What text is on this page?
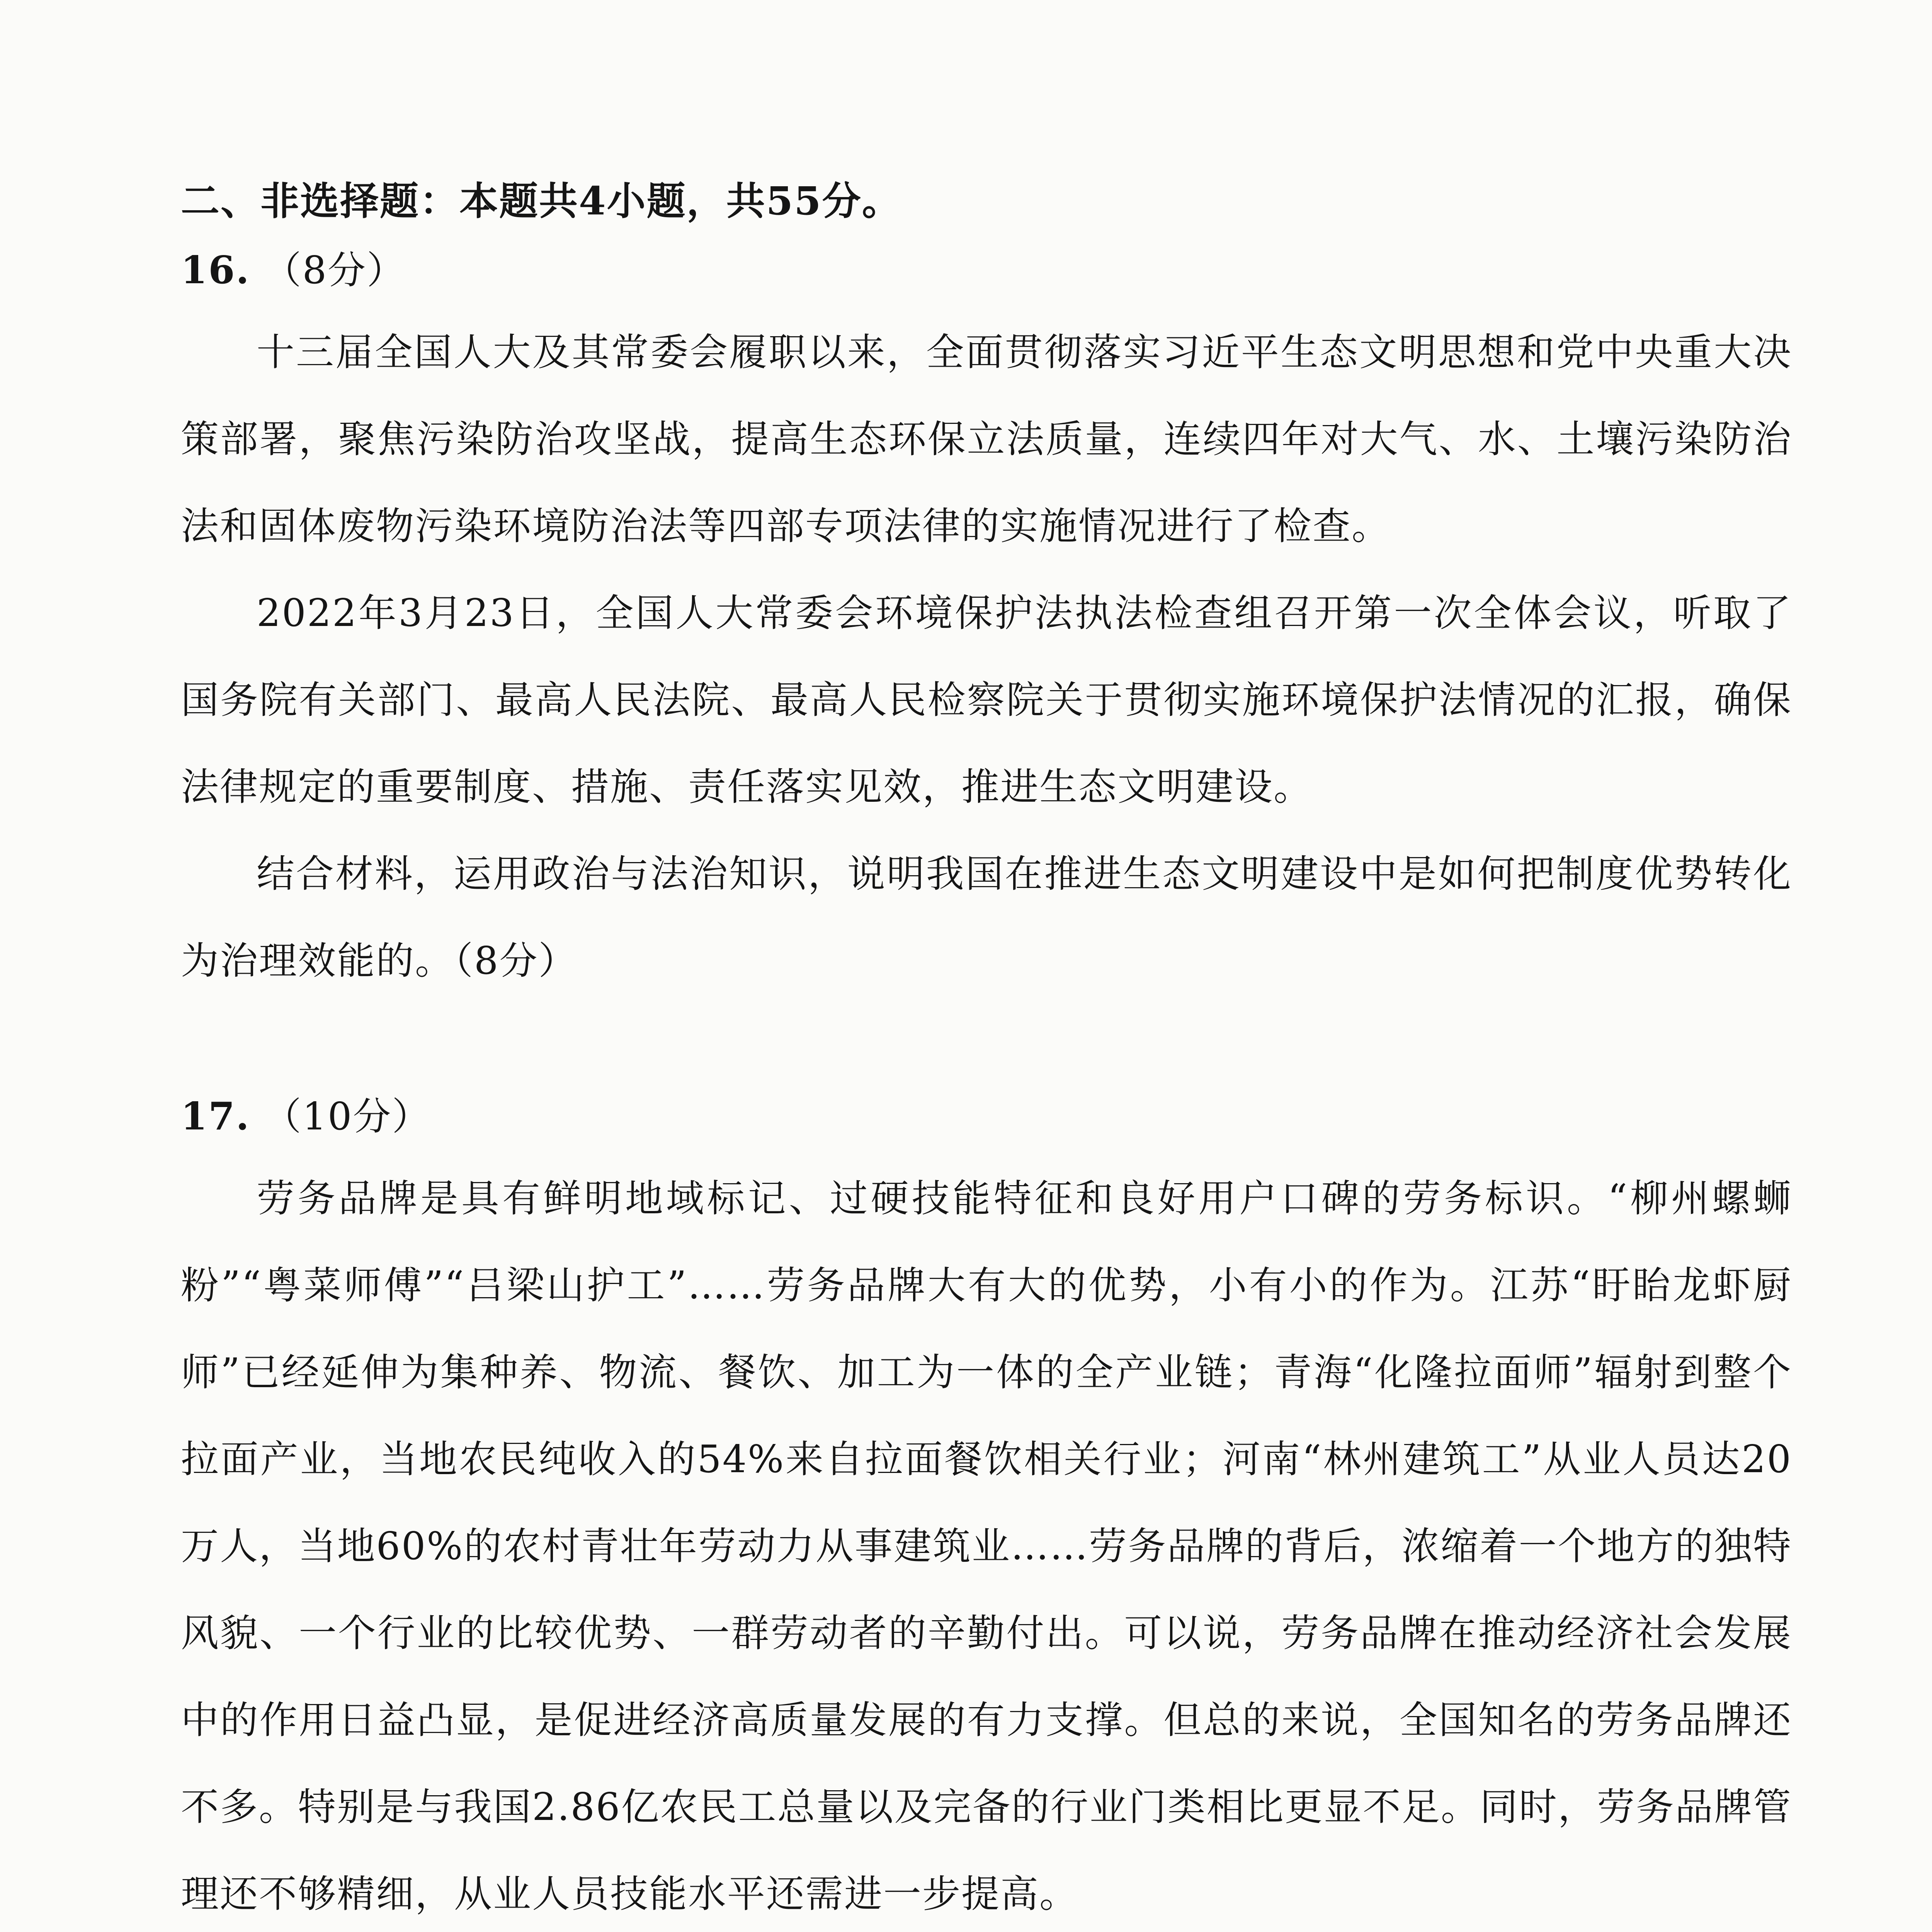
二、非选择题：本题共4小题，共55分。

16. （8分）

十三届全国人大及其常委会履职以来，全面贯彻落实习近平生态文明思想和党中央重大决策部署，聚焦污染防治攻坚战，提高生态环保立法质量，连续四年对大气、水、土壤污染防治法和固体废物污染环境防治法等四部专项法律的实施情况进行了检查。

2022年3月23日，全国人大常委会环境保护法执法检查组召开第一次全体会议，听取了国务院有关部门、最高人民法院、最高人民检察院关于贯彻实施环境保护法情况的汇报，确保法律规定的重要制度、措施、责任落实见效，推进生态文明建设。

结合材料，运用政治与法治知识，说明我国在推进生态文明建设中是如何把制度优势转化为治理效能的。（8分）

17. （10分）

劳务品牌是具有鲜明地域标记、过硬技能特征和良好用户口碑的劳务标识。“柳州螺蛳粉”“粤菜师傅”“吕梁山护工”……劳务品牌大有大的优势，小有小的作为。江苏“盱眙龙虾厨师”已经延伸为集种养、物流、餐饮、加工为一体的全产业链；青海“化隆拉面师”辐射到整个拉面产业，当地农民纯收入的54%来自拉面餐饮相关行业；河南“林州建筑工”从业人员达20万人，当地60%的农村青壮年劳动力从事建筑业……劳务品牌的背后，浓缩着一个地方的独特风貌、一个行业的比较优势、一群劳动者的辛勤付出。可以说，劳务品牌在推动经济社会发展中的作用日益凸显，是促进经济高质量发展的有力支撑。但总的来说，全国知名的劳务品牌还不多。特别是与我国2.86亿农民工总量以及完备的行业门类相比更显不足。同时，劳务品牌管理还不够精细，从业人员技能水平还需进一步提高。
